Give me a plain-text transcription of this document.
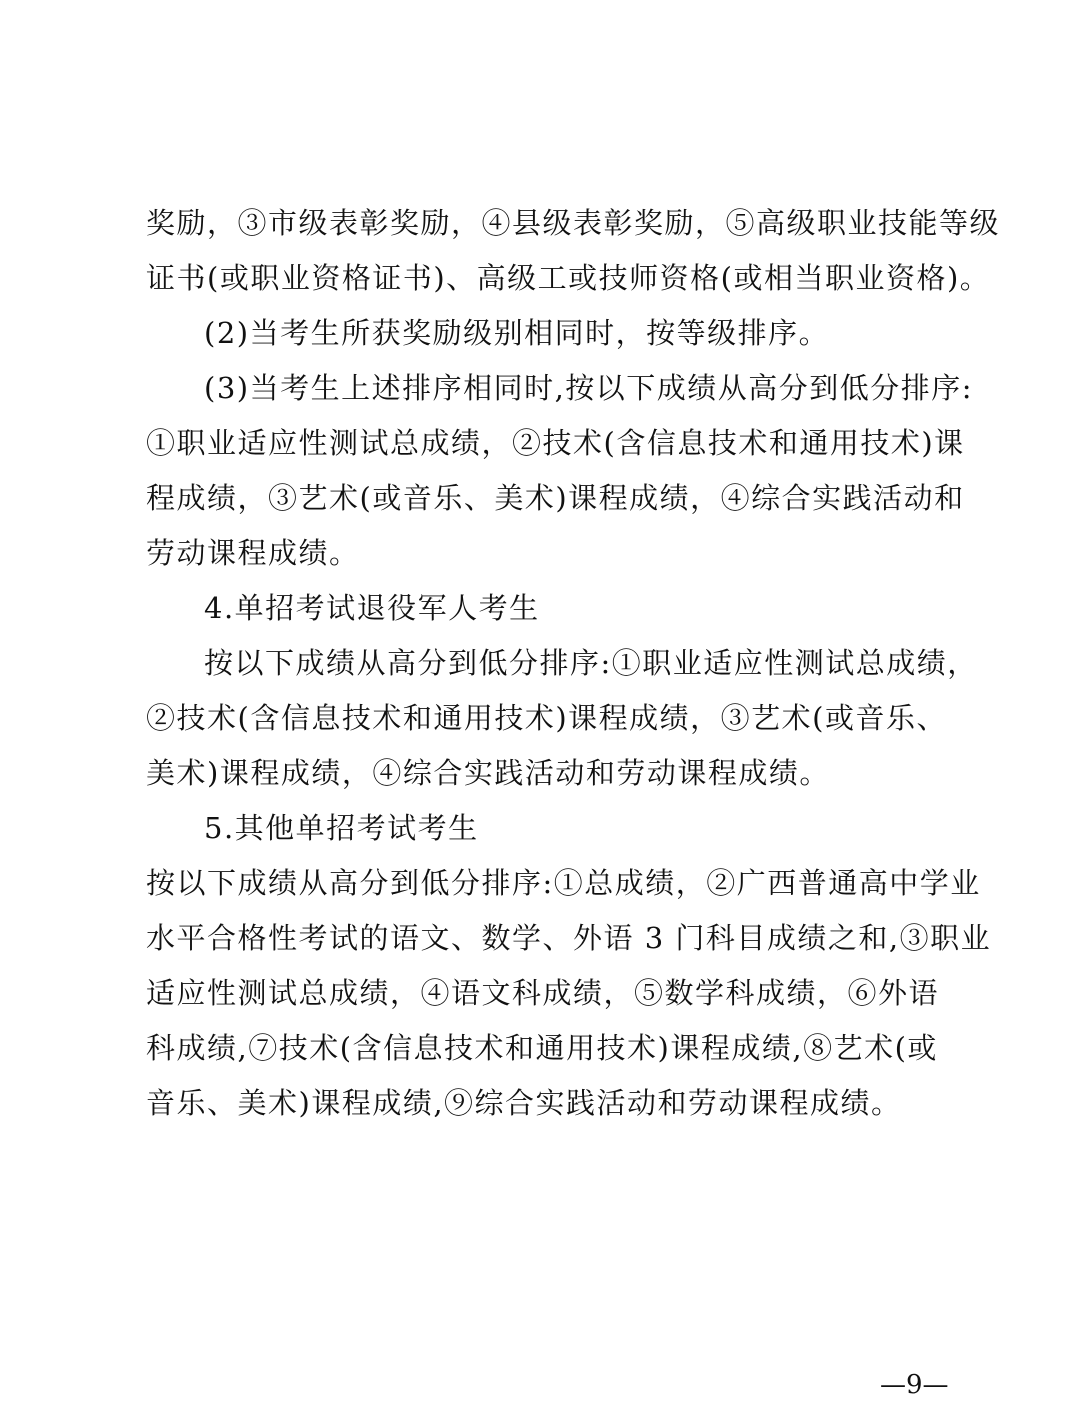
奖励，③市级表彰奖励，④县级表彰奖励，⑤高级职业技能等级
证书(或职业资格证书)、高级工或技师资格(或相当职业资格)。
(2)当考生所获奖励级别相同时，按等级排序。
(3)当考生上述排序相同时,按以下成绩从高分到低分排序:
①职业适应性测试总成绩，②技术(含信息技术和通用技术)课
程成绩，③艺术(或音乐、美术)课程成绩，④综合实践活动和
劳动课程成绩。
4.单招考试退役军人考生
按以下成绩从高分到低分排序:①职业适应性测试总成绩，
②技术(含信息技术和通用技术)课程成绩，③艺术(或音乐、
美术)课程成绩，④综合实践活动和劳动课程成绩。
5.其他单招考试考生
按以下成绩从高分到低分排序:①总成绩，②广西普通高中学业
水平合格性考试的语文、数学、外语 3 门科目成绩之和,③职业
适应性测试总成绩，④语文科成绩，⑤数学科成绩，⑥外语
科成绩,⑦技术(含信息技术和通用技术)课程成绩,⑧艺术(或
音乐、美术)课程成绩,⑨综合实践活动和劳动课程成绩。
—9—
